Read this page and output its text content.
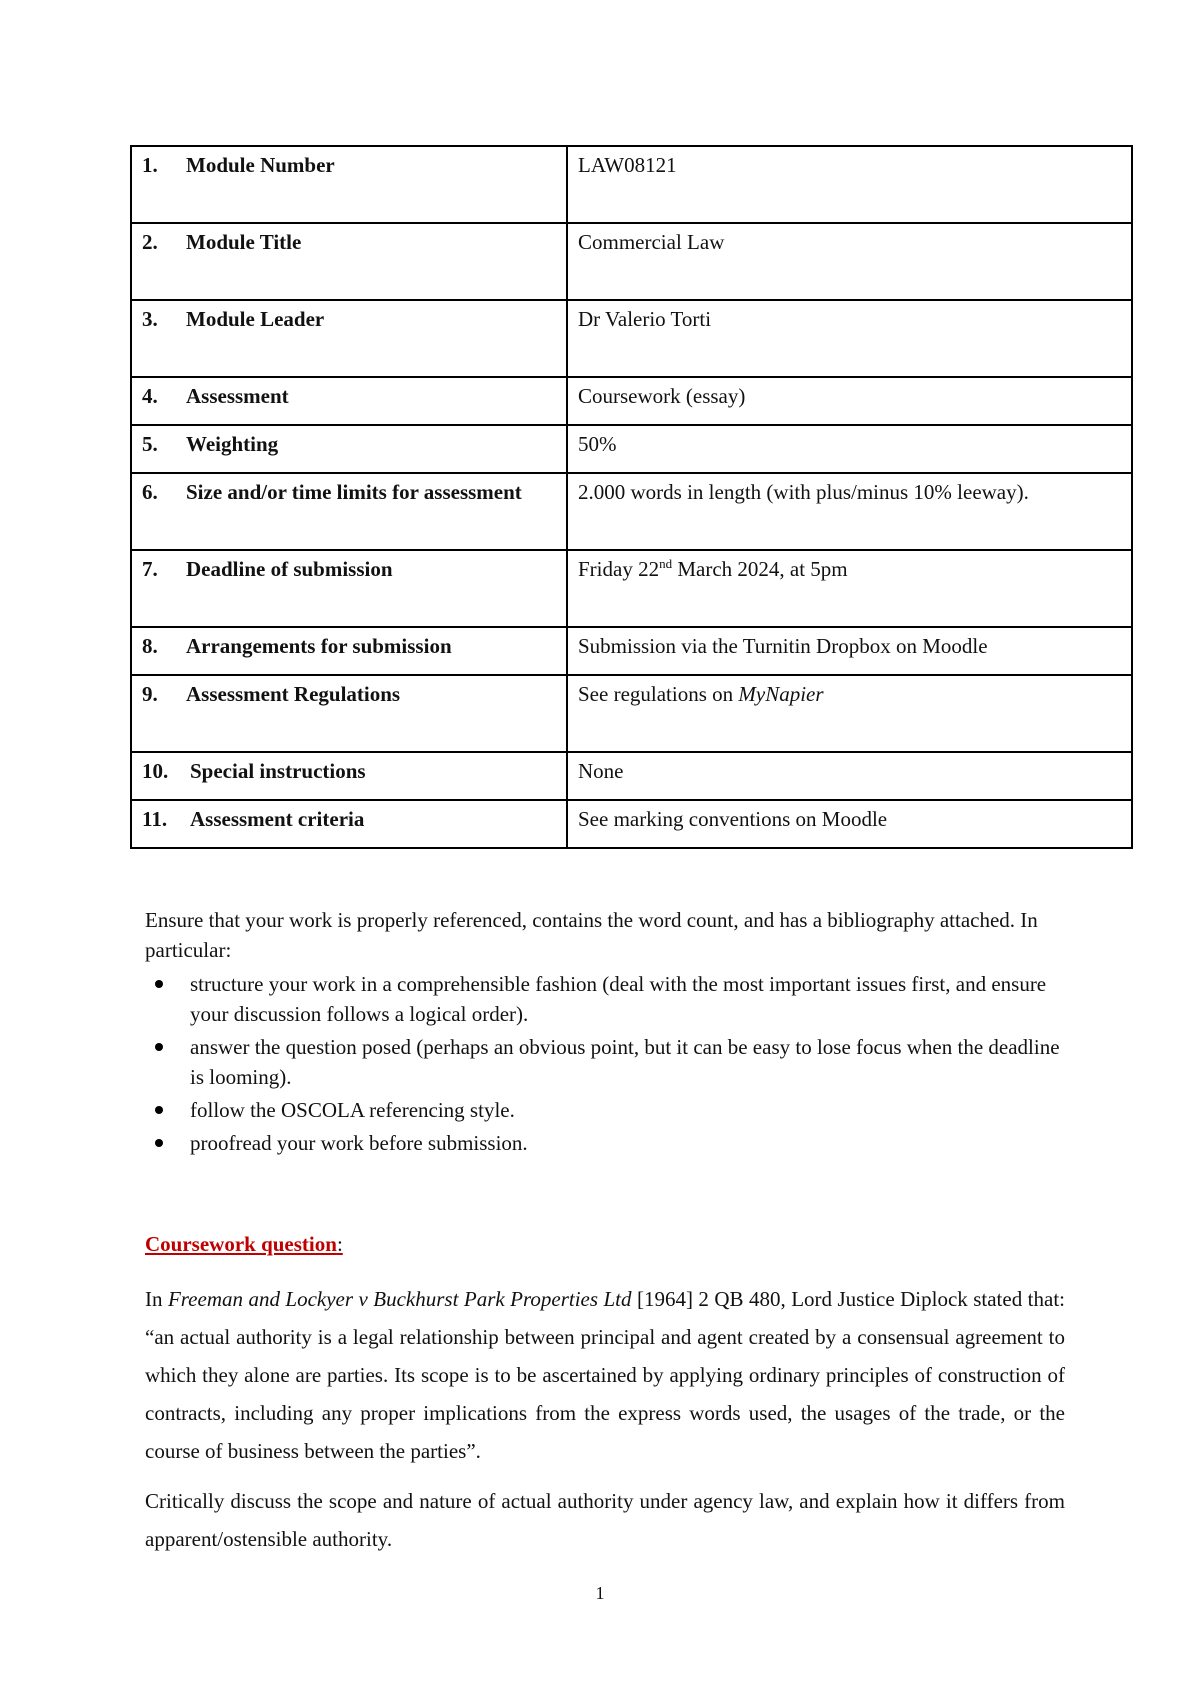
1. Module Number	LAW08121

2. Module Title	Commercial Law

3. Module Leader	Dr Valerio Torti

4. Assessment	Coursework (essay)

5. Weighting	50%

6. Size and/or time limits for assessment	2.000 words in length (with plus/minus 10% leeway).

7. Deadline of submission	Friday 22nd March 2024, at 5pm

8. Arrangements for submission	Submission via the Turnitin Dropbox on Moodle

9. Assessment Regulations	See regulations on MyNapier

10. Special instructions	None

11. Assessment criteria	See marking conventions on Moodle

Ensure that your work is properly referenced, contains the word count, and has a bibliography attached. In particular:

structure your work in a comprehensible fashion (deal with the most important issues first, and ensure your discussion follows a logical order).
answer the question posed (perhaps an obvious point, but it can be easy to lose focus when the deadline is looming).
follow the OSCOLA referencing style.
proofread your work before submission.
Coursework question:

In Freeman and Lockyer v Buckhurst Park Properties Ltd [1964] 2 QB 480, Lord Justice Diplock stated that: “an actual authority is a legal relationship between principal and agent created by a consensual agreement to which they alone are parties. Its scope is to be ascertained by applying ordinary principles of construction of contracts, including any proper implications from the express words used, the usages of the trade, or the course of business between the parties”.

Critically discuss the scope and nature of actual authority under agency law, and explain how it differs from apparent/ostensible authority.

1
